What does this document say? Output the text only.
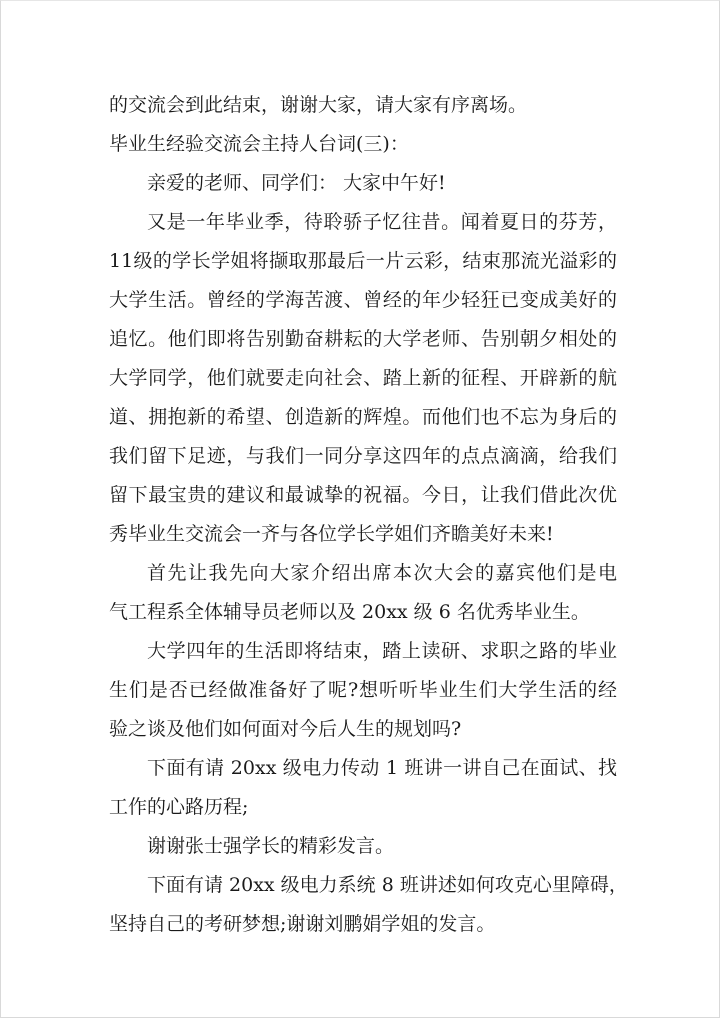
的交流会到此结束，谢谢大家，请大家有序离场。

毕业生经验交流会主持人台词(三)：

亲爱的老师、同学们： 大家中午好!

又是一年毕业季，待聆骄子忆往昔。闻着夏日的芬芳，

11级的学长学姐将撷取那最后一片云彩，结束那流光溢彩的

大学生活。曾经的学海苦渡、曾经的年少轻狂已变成美好的

追忆。他们即将告别勤奋耕耘的大学老师、告别朝夕相处的

大学同学，他们就要走向社会、踏上新的征程、开辟新的航

道、拥抱新的希望、创造新的辉煌。而他们也不忘为身后的

我们留下足迹，与我们一同分享这四年的点点滴滴，给我们

留下最宝贵的建议和最诚挚的祝福。今日，让我们借此次优

秀毕业生交流会一齐与各位学长学姐们齐瞻美好未来!

首先让我先向大家介绍出席本次大会的嘉宾他们是电

气工程系全体辅导员老师以及 20xx 级 6 名优秀毕业生。

大学四年的生活即将结束，踏上读研、求职之路的毕业

生们是否已经做准备好了呢?想听听毕业生们大学生活的经

验之谈及他们如何面对今后人生的规划吗?

下面有请 20xx 级电力传动 1 班讲一讲自己在面试、找

工作的心路历程;

谢谢张士强学长的精彩发言。

下面有请 20xx 级电力系统 8 班讲述如何攻克心里障碍，

坚持自己的考研梦想;谢谢刘鹏娟学姐的发言。
